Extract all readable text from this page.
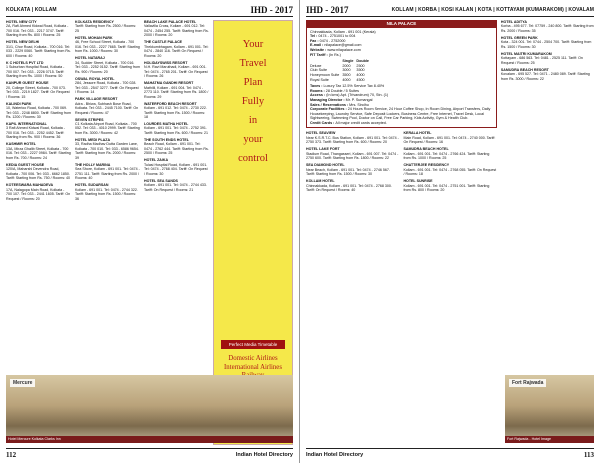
KOLKATA | KOLLAM	IHD - 2017
HOTEL NEW CITY
2A, Rafi Ahmed Kidwai Road, Kolkata - 700 016. Tel: 033 - 2217 3747. Tariff: Starting from Rs. 800 / Rooms: 25
HOTEL NEW DELHI
31/1, Chor Road, Kolkata - 700 016. Tel: 033 - 2229 0060. Tariff: Starting from Rs. 600 / Rooms: 40
K C HOTELS PVT LTD
1 Suburban Hospital Road, Kolkata - 700 007. Tel: 033 - 2226 0715. Tariff: Starting from Rs. 1000 / Rooms: 50
KANPUR GUEST HOUSE
20, College Street, Kolkata - 700 073. Tel: 033 - 2219 1827. Tariff: On Request / Rooms: 15
KALINDI PARK
10, Waterloo Road, Kolkata - 700 069. Tel: 033 - 2248 8800. Tariff: Starting from Rs. 1200 / Rooms: 30
KAPIL INTERNATIONAL
3 Rafi Ahmed Kidwai Road, Kolkata - 700 016. Tel: 033 - 2252 4452. Tariff: Starting from Rs. 900 / Rooms: 36
KASHMIR HOTEL
13A, Mirza Ghalib Street, Kolkata - 700 016. Tel: 033 - 2227 0984. Tariff: Starting from Rs. 700 / Rooms: 24
KEDIA GUEST HOUSE
120/A, Maharshi Devendra Road, Kolkata - 700 006. Tel: 033 - 6662 1850. Tariff: Starting from Rs. 750 / Rooms: 40
KOTEESWARA MAHADEVA
17A, Nalagopa Main Road, Kolkata - 700 107. Tel: 033 - 2441 1605. Tariff: On Request / Rooms: 20
KOLKATA RESIDENCY
Tariff: Starting from Rs. 2500 / Rooms: 25
HOTEL MOHAN PARK
46, Free School Street, Kolkata - 700 016. Tel: 033 - 2227 7665. Tariff: Starting from Rs. 1000 / Rooms: 30
HOTEL NATARAJ
34, Sudder Street, Kolkata - 700 016. Tel: 033 - 2252 0152. Tariff: Starting from Rs. 900 / Rooms: 20
OSWAL ROYAL HOTEL
284, Jessore Road, Kolkata - 700 028. Tel: 033 - 2547 3277. Tariff: On Request / Rooms: 14
PARK VILLAGE RESORT
Adra - Bhiwa, Subhash Bose Road, Kolkata. Tel: 033 - 2445 7100. Tariff: On Request / Rooms: 47
SEVEN STRIPES
C1 Kolkata Airport Road, Kolkata - 700 052. Tel: 033 - 4010 2999. Tariff: Starting from Rs. 3000 / Rooms: 42
HOTEL MEDI PLAZA
33, Radha Madhav Dutta Garden Lane, Kolkata - 700 010. Tel: 033 - 6586 9654. Tariff: Starting from Rs. 2000 / Rooms: 39
THE HOLLY MARINA
Sea Shore, Kollam - 691 001. Tel: 0474 - 2751 111. Tariff: Starting from Rs. 2000 / Rooms: 40
HOTEL SUDARSAN
Kollam - 691 001. Tel: 0474 - 2744 322. Tariff: Starting from Rs. 1500 / Rooms: 36
BEACH LAKE PALACE HOTEL
Vallavilla Cross, Kollam - 691 012. Tel: 0474 - 2454 255. Tariff: Starting from Rs. 2000 / Rooms: 20
THE CASTLE PALACE
Thekkumbhagam, Kollam - 691 001. Tel: 0474 - 2840 116. Tariff: On Request / Rooms: 20
HOLIDAYSWISS RESORT
N.H. Ravi Maruthadi, Kollam - 691 001. Tel: 0474 - 2765 201. Tariff: On Request / Rooms: 26
MAHATMA GANDHI RESORT
Mathilil, Kollam - 691 004. Tel: 0474 - 2773 110. Tariff: Starting from Rs. 1800 / Rooms: 29
WATERFORD BEACH RESORT
Kollam - 691 012. Tel: 0474 - 2730 222. Tariff: Starting from Rs. 1500 / Rooms: 18
LOURDES MATHA HOTEL
Kollam - 691 001. Tel: 0474 - 2752 391. Tariff: Starting from Rs. 600 / Rooms: 21
THE SOUTH ENDS HOTEL
Beach Road, Kollam - 691 001. Tel: 0474 - 2762 444. Tariff: Starting from Rs. 2500 / Rooms: 25
HOTEL ZAIKA
Tulasi Hospital Road, Kollam - 691 001. Tel: 0474 - 2768 404. Tariff: On Request / Rooms: 30
HOTEL SEA SANDS
Kollam - 691 001. Tel: 0474 - 2744 433. Tariff: On Request / Rooms: 21
Your
Travel
Plan
Fully
in
your
control
Perfect Media Timetable
Domestic Airlines
International Airlines
Mercure
Hotel Mercure Kolkata Clarks Inn
112	Indian Hotel Directory
IHD - 2017	KOLLAM | KORBA | KOSI KALAN | KOTA | KOTTAYAM (KUMARAKOM) | KOVALAM
NILA PALACE
Chinnakkada, Kollam - 691 001 (Kerala)
Tel : 0474 - 2751001 to 004
Fax : 0474 - 2752000
E-mail : nilapalace@gmail.com
Website : www.nilapalace.com
FIT Tariff : (In Rs.)
	Single	Double
Deluxe	2000	2500
Club Suite	3000	3500
Honeymoon Suite	3500	4000
Royal Suite	4000	4500
Taxes : Luxury Tax 12.5% Service Tax 8.40%
Rooms : 28 Double / 5 Suites
Access : (In kms) Apt. (Trivandrum) 70, Stn. (1)
Managing Director : Mr. P. Sumangal
Sales / Reservations : Mrs. Sindhu
Corporate Facilities : 24 Hours Room Service, 24 Hour Coffee Shop, In Room Dining, Airport Transfers, Daily Housekeeping, Laundry Service, Safe Deposit Lockers, Business Centre, Free Internet, Travel Desk, Local Sightseeing, Swimming Pool, Doctor on Call, Free Car Parking, Kids Activity, Gym & Health Club.
Credit Cards : All major credit cards accepted.
HOTEL SEAVIEW
Near K.S.R.T.C. Bus Station, Kollam - 691 001. Tel: 0474 - 2750 373. Tariff: Starting from Rs. 600 / Rooms: 20
HOTEL LAKE FORT
Stadium Road, Thangasseri, Kollam - 691 007. Tel: 0474 - 2750 600. Tariff: Starting from Rs. 1800 / Rooms: 22
SEA DIAMOND HOTEL
Near Beach, Kollam - 691 001. Tel: 0474 - 2746 567. Tariff: Starting from Rs. 1500 / Rooms: 30
KOLLAM HOTEL
Chinnakkada, Kollam - 691 001. Tel: 0474 - 2768 300. Tariff: On Request / Rooms: 40
KERALA HOTEL
Main Road, Kollam - 691 001. Tel: 0474 - 2740 000. Tariff: On Request / Rooms: 16
SAMUDRA BEACH HOTEL
Kollam - 691 001. Tel: 0474 - 2766 424. Tariff: Starting from Rs. 1000 / Rooms: 25
CHATTERJEE RESIDENCY
Kollam - 691 001. Tel: 0474 - 2768 055. Tariff: On Request / Rooms: 18
HOTEL SUNRISE
Kollam - 691 001. Tel: 0474 - 2751 001. Tariff: Starting from Rs. 800 / Rooms: 20
HOTEL ADITYA
Korba - 495 677. Tel: 07759 - 240 800. Tariff: Starting from Rs. 2000 / Rooms: 35
HOTEL GREEN PARK
Kota - 324 001. Tel: 0744 - 2504 700. Tariff: Starting from Rs. 1500 / Rooms: 30
HOTEL MAITRI KUMARAKOM
Kottayam - 686 563. Tel: 0481 - 2525 111. Tariff: On Request / Rooms: 25
SAMUDRA BEACH RESORT
Kovalam - 695 527. Tel: 0471 - 2480 089. Tariff: Starting from Rs. 3000 / Rooms: 22
Fort Rajwada
Fort Rajwada - Hotel Image
Indian Hotel Directory	113
